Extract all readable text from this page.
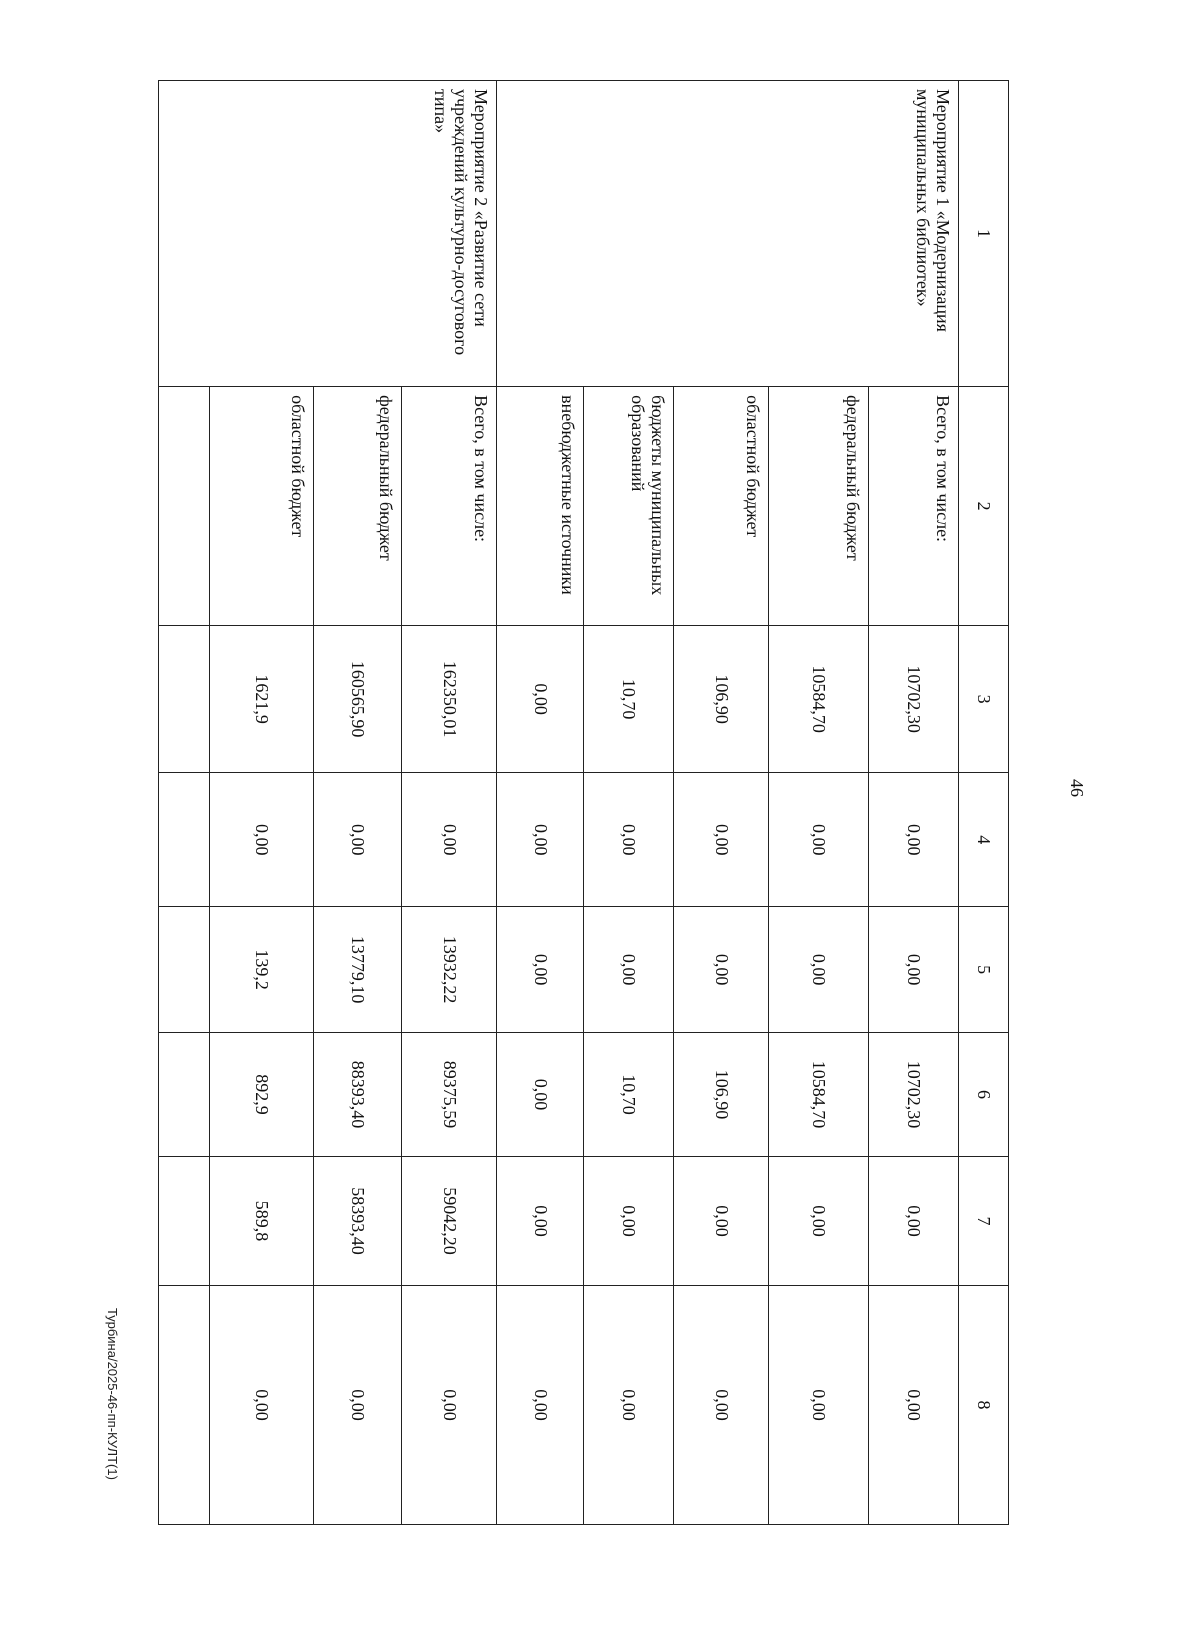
46
1	2	3	4	5	6	7	8
Мероприятие 1 «Модернизация муниципальных библиотек»	Всего, в том числе:	10702,30	0,00	0,00	10702,30	0,00	0,00
	федеральный бюджет	10584,70	0,00	0,00	10584,70	0,00	0,00
	областной бюджет	106,90	0,00	0,00	106,90	0,00	0,00
	бюджеты муниципальных образований	10,70	0,00	0,00	10,70	0,00	0,00
	внебюджетные источники	0,00	0,00	0,00	0,00	0,00	0,00
Мероприятие 2 «Развитие сети учреждений культурно-досугового типа»	Всего, в том числе:	162350,01	0,00	13932,22	89375,59	59042,20	0,00
	федеральный бюджет	160565,90	0,00	13779,10	88393,40	58393,40	0,00
	областной бюджет	1621,9	0,00	139,2	892,9	589,8	0,00

Турбина/2025-46-пп-КУЛТ(1)
